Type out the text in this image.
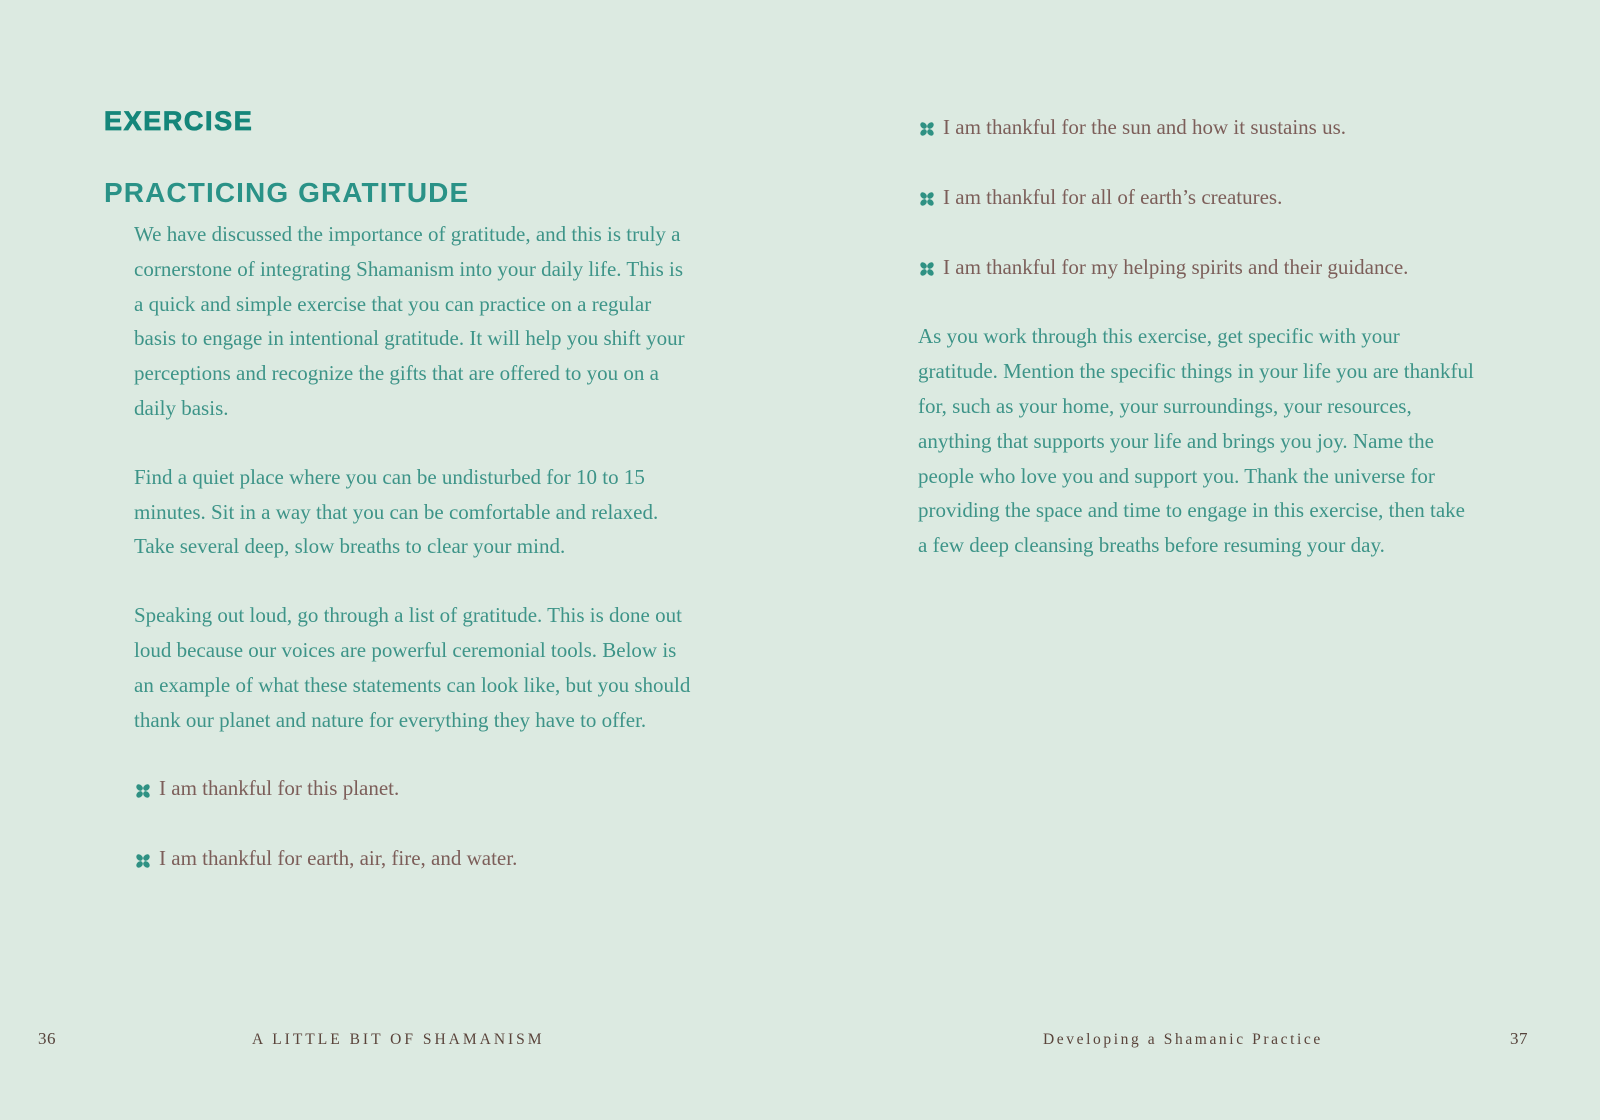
EXERCISE
PRACTICING GRATITUDE

We have discussed the importance of gratitude, and this is truly a cornerstone of integrating Shamanism into your daily life. This is a quick and simple exercise that you can practice on a regular basis to engage in intentional gratitude. It will help you shift your perceptions and recognize the gifts that are offered to you on a daily basis.

Find a quiet place where you can be undisturbed for 10 to 15 minutes. Sit in a way that you can be comfortable and relaxed. Take several deep, slow breaths to clear your mind.

Speaking out loud, go through a list of gratitude. This is done out loud because our voices are powerful ceremonial tools. Below is an example of what these statements can look like, but you should thank our planet and nature for everything they have to offer.

I am thankful for this planet.
I am thankful for earth, air, fire, and water.
I am thankful for the sun and how it sustains us.
I am thankful for all of earth’s creatures.
I am thankful for my helping spirits and their guidance.

As you work through this exercise, get specific with your gratitude. Mention the specific things in your life you are thankful for, such as your home, your surroundings, your resources, anything that supports your life and brings you joy. Name the people who love you and support you. Thank the universe for providing the space and time to engage in this exercise, then take a few deep cleansing breaths before resuming your day.

36	A LITTLE BIT OF SHAMANISM	Developing a Shamanic Practice	37
